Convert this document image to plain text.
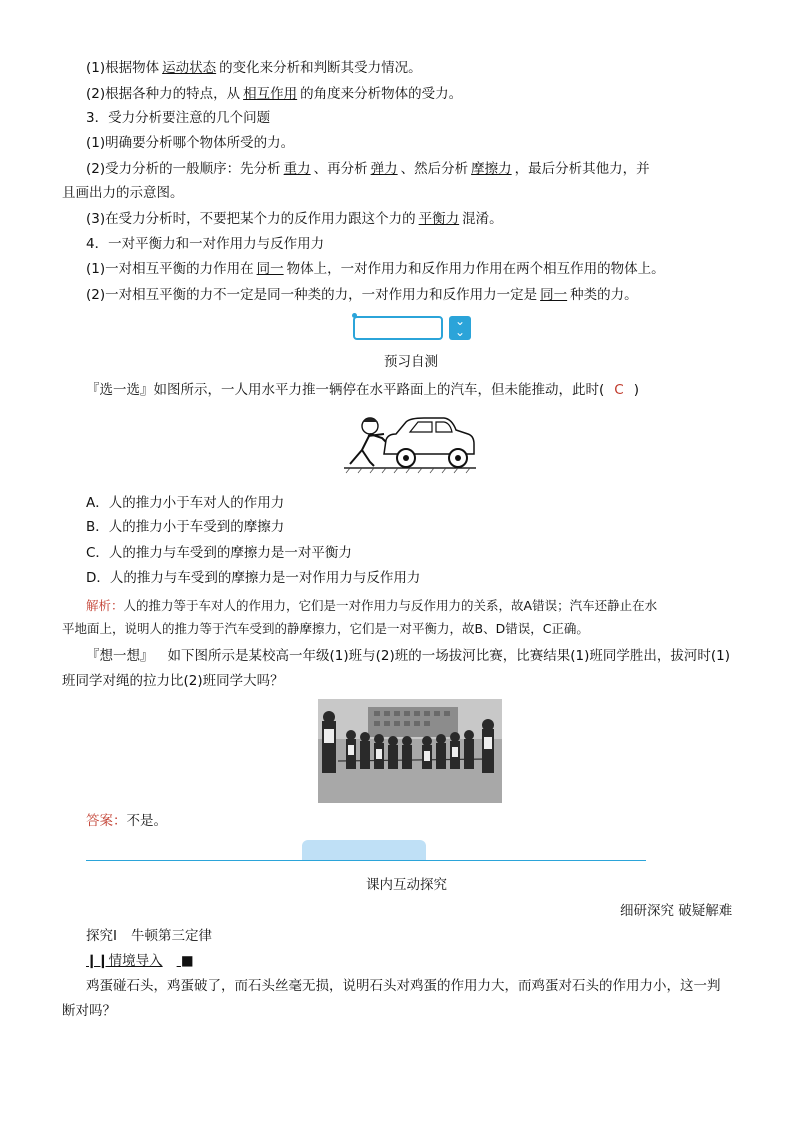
(1)根据物体 运动状态 的变化来分析和判断其受力情况。
(2)根据各种力的特点，从 相互作用 的角度来分析物体的受力。
3．受力分析要注意的几个问题
(1)明确要分析哪个物体所受的力。
(2)受力分析的一般顺序：先分析 重力 、再分析 弹力 、然后分析 摩擦力 ，最后分析其他力，并
且画出力的示意图。
(3)在受力分析时，不要把某个力的反作用力跟这个力的 平衡力 混淆。
4．一对平衡力和一对作用力与反作用力
(1)一对相互平衡的力作用在 同一 物体上，一对作用力和反作用力作用在两个相互作用的物体上。
(2)一对相互平衡的力不一定是同一种类的力，一对作用力和反作用力一定是 同一 种类的力。
⌄
⌄
预习自测
『选一选』如图所示，一人用水平力推一辆停在水平路面上的汽车，但未能推动，此时( C )
A．人的推力小于车对人的作用力
B．人的推力小于车受到的摩擦力
C．人的推力与车受到的摩擦力是一对平衡力
D．人的推力与车受到的摩擦力是一对作用力与反作用力
解析：人的推力等于车对人的作用力，它们是一对作用力与反作用力的关系，故A错误；汽车还静止在水
平地面上，说明人的推力等于汽车受到的静摩擦力，它们是一对平衡力，故B、D错误，C正确。
『想一想』 如下图所示是某校高一年级(1)班与(2)班的一场拔河比赛，比赛结果(1)班同学胜出，拔河时(1)
班同学对绳的拉力比(2)班同学大吗？
答案：不是。
课内互动探究
细研深究 破疑解难
探究Ⅰ 牛顿第三定律
❙❙情境导入 ■
鸡蛋碰石头，鸡蛋破了，而石头丝毫无损，说明石头对鸡蛋的作用力大，而鸡蛋对石头的作用力小，这一判
断对吗？
